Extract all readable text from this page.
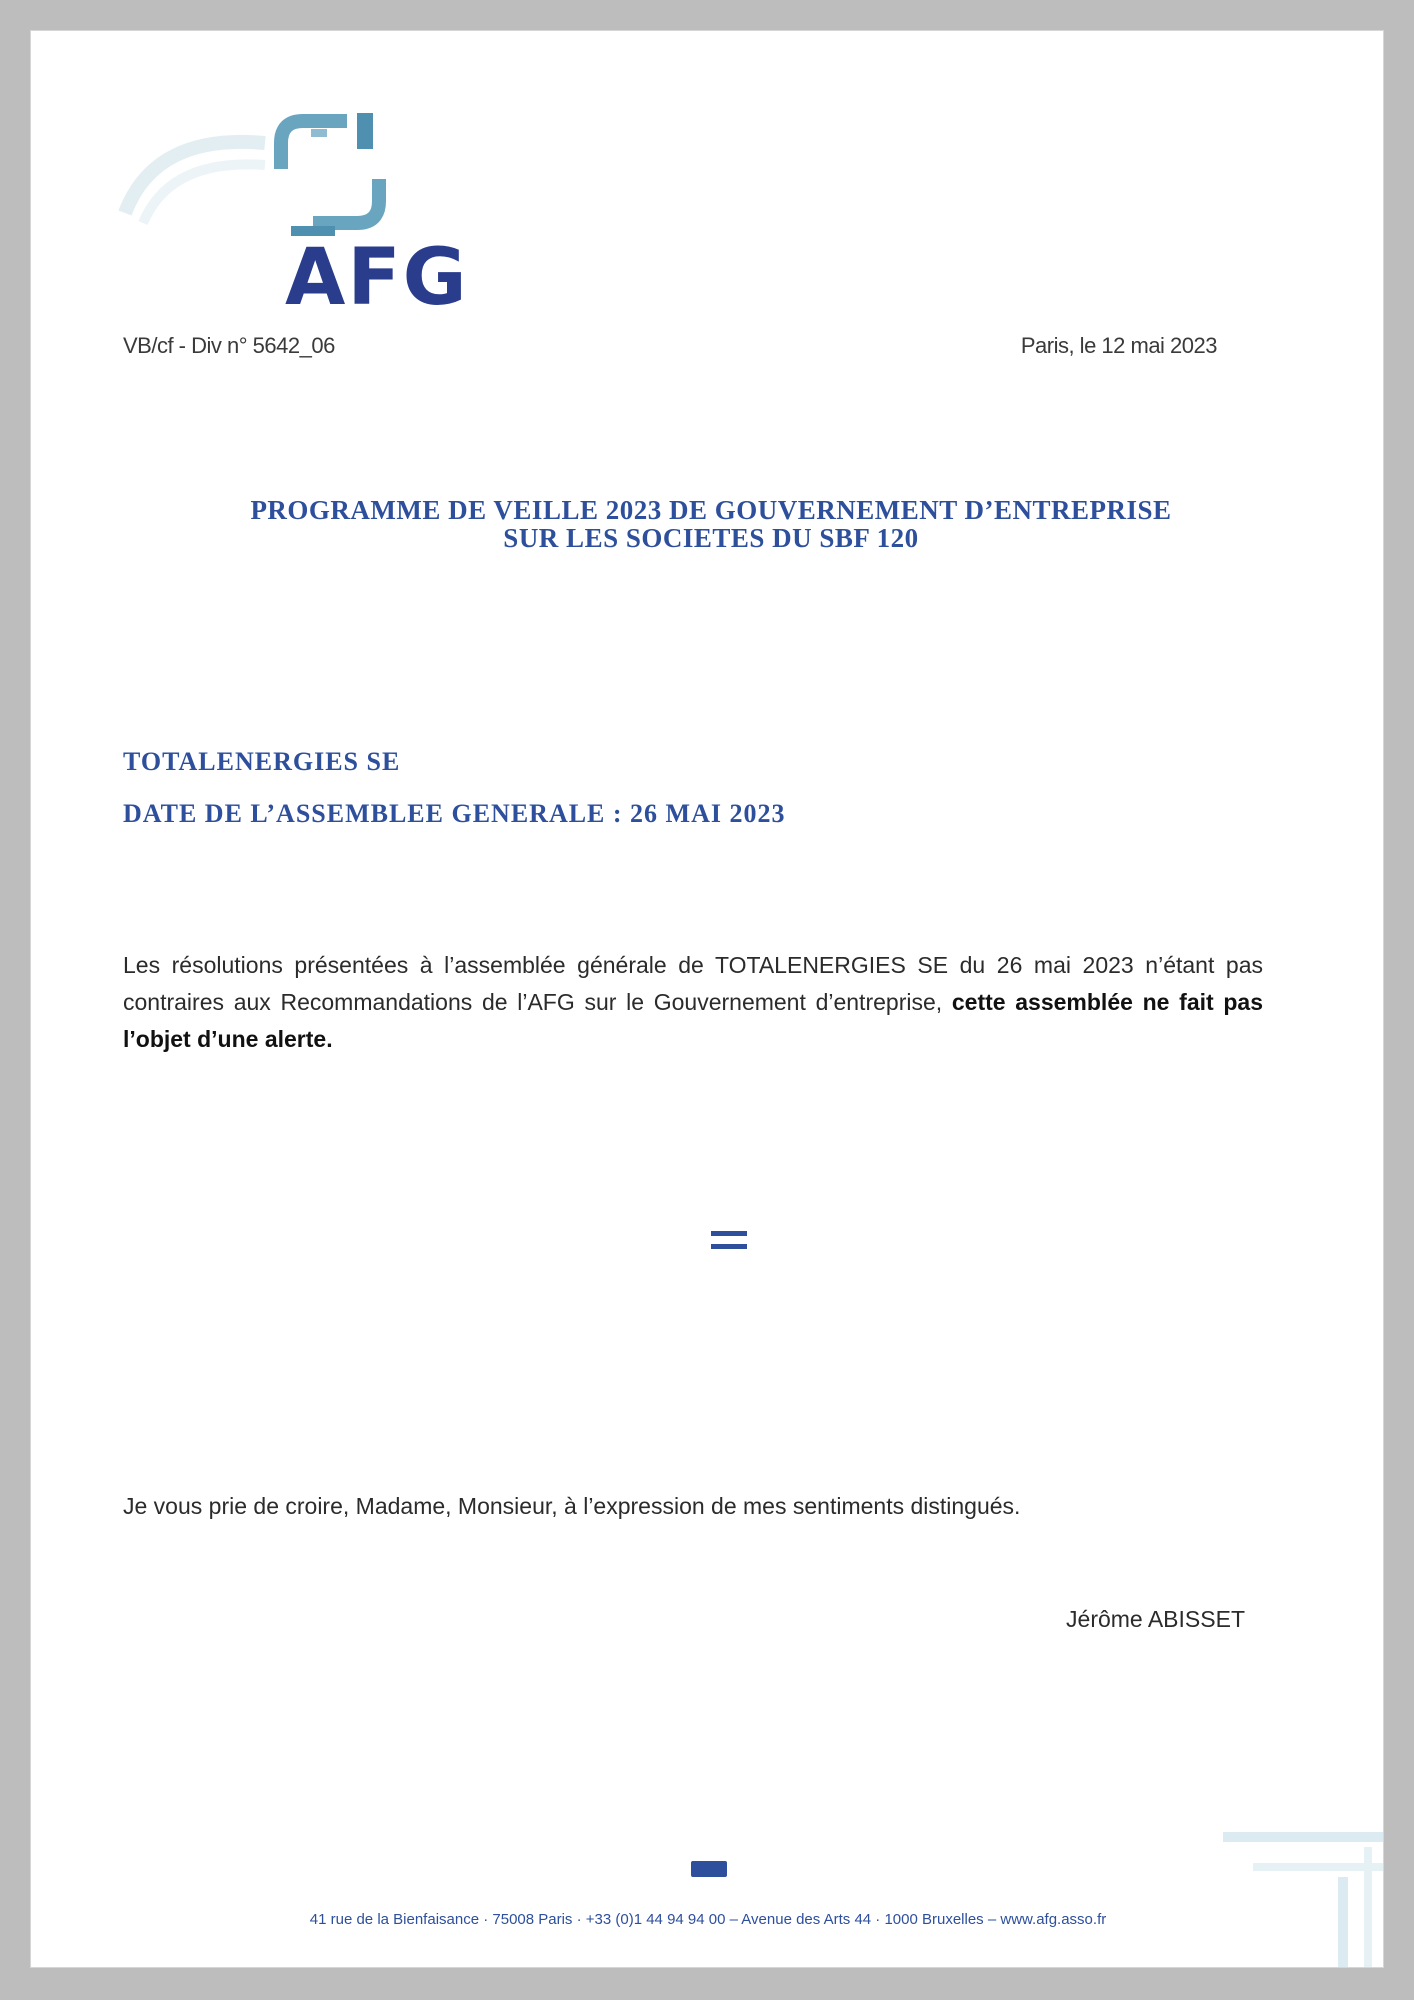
AFG
VB/cf - Div n° 5642_06	Paris, le 12 mai 2023
PROGRAMME DE VEILLE 2023 DE GOUVERNEMENT D’ENTREPRISE
SUR LES SOCIETES DU SBF 120
TOTALENERGIES SE
DATE DE L’ASSEMBLEE GENERALE : 26 MAI 2023
Les résolutions présentées à l’assemblée générale de TOTALENERGIES SE du 26 mai 2023 n’étant pas contraires aux Recommandations de l’AFG sur le Gouvernement d’entreprise, cette assemblée ne fait pas l’objet d’une alerte.
Je vous prie de croire, Madame, Monsieur, à l’expression de mes sentiments distingués.
Jérôme ABISSET
41 rue de la Bienfaisance · 75008 Paris · +33 (0)1 44 94 94 00 – Avenue des Arts 44 · 1000 Bruxelles – www.afg.asso.fr
